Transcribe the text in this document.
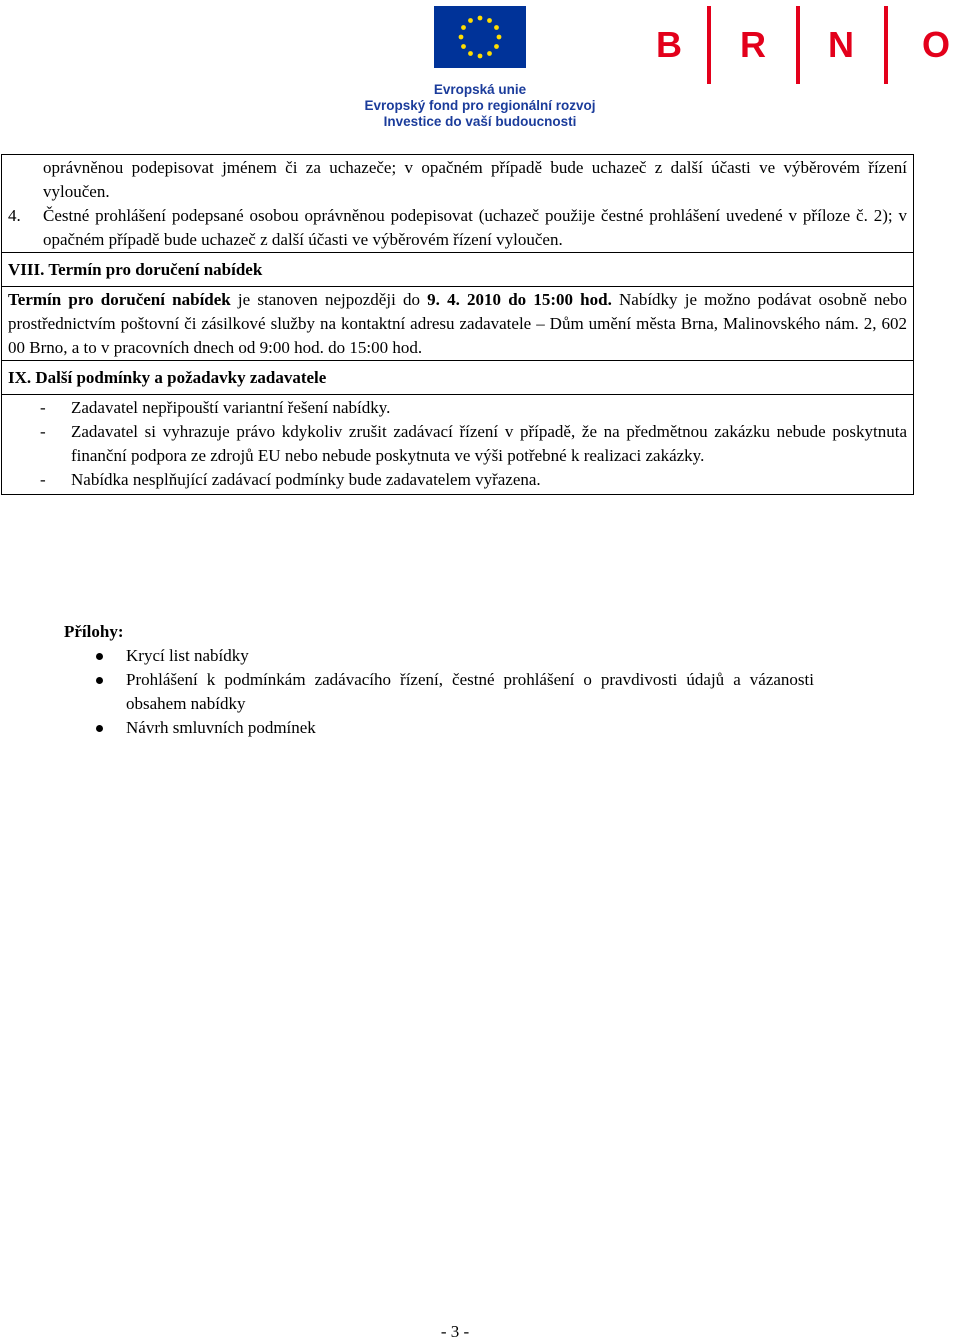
Evropská unie
Evropský fond pro regionální rozvoj
Investice do vaší budoucnosti
B R N O

oprávněnou podepisovat jménem či za uchazeče; v opačném případě bude uchazeč z další účasti ve výběrovém řízení vyloučen.

4. Čestné prohlášení podepsané osobou oprávněnou podepisovat (uchazeč použije čestné prohlášení uvedené v příloze č. 2); v opačném případě bude uchazeč z další účasti ve výběrovém řízení vyloučen.

VIII. Termín pro doručení nabídek

Termín pro doručení nabídek je stanoven nejpozději do 9. 4. 2010 do 15:00 hod. Nabídky je možno podávat osobně nebo prostřednictvím poštovní či zásilkové služby na kontaktní adresu zadavatele – Dům umění města Brna, Malinovského nám. 2, 602 00 Brno, a to v pracovních dnech od 9:00 hod. do 15:00 hod.

IX. Další podmínky a požadavky zadavatele
- Zadavatel nepřipouští variantní řešení nabídky.
- Zadavatel si vyhrazuje právo kdykoliv zrušit zadávací řízení v případě, že na předmětnou zakázku nebude poskytnuta finanční podpora ze zdrojů EU nebo nebude poskytnuta ve výši potřebné k realizaci zakázky.
- Nabídka nesplňující zadávací podmínky bude zadavatelem vyřazena.
Přílohy:
Krycí list nabídky
Prohlášení k podmínkám zadávacího řízení, čestné prohlášení o pravdivosti údajů a vázanosti obsahem nabídky
Návrh smluvních podmínek
- 3 -
